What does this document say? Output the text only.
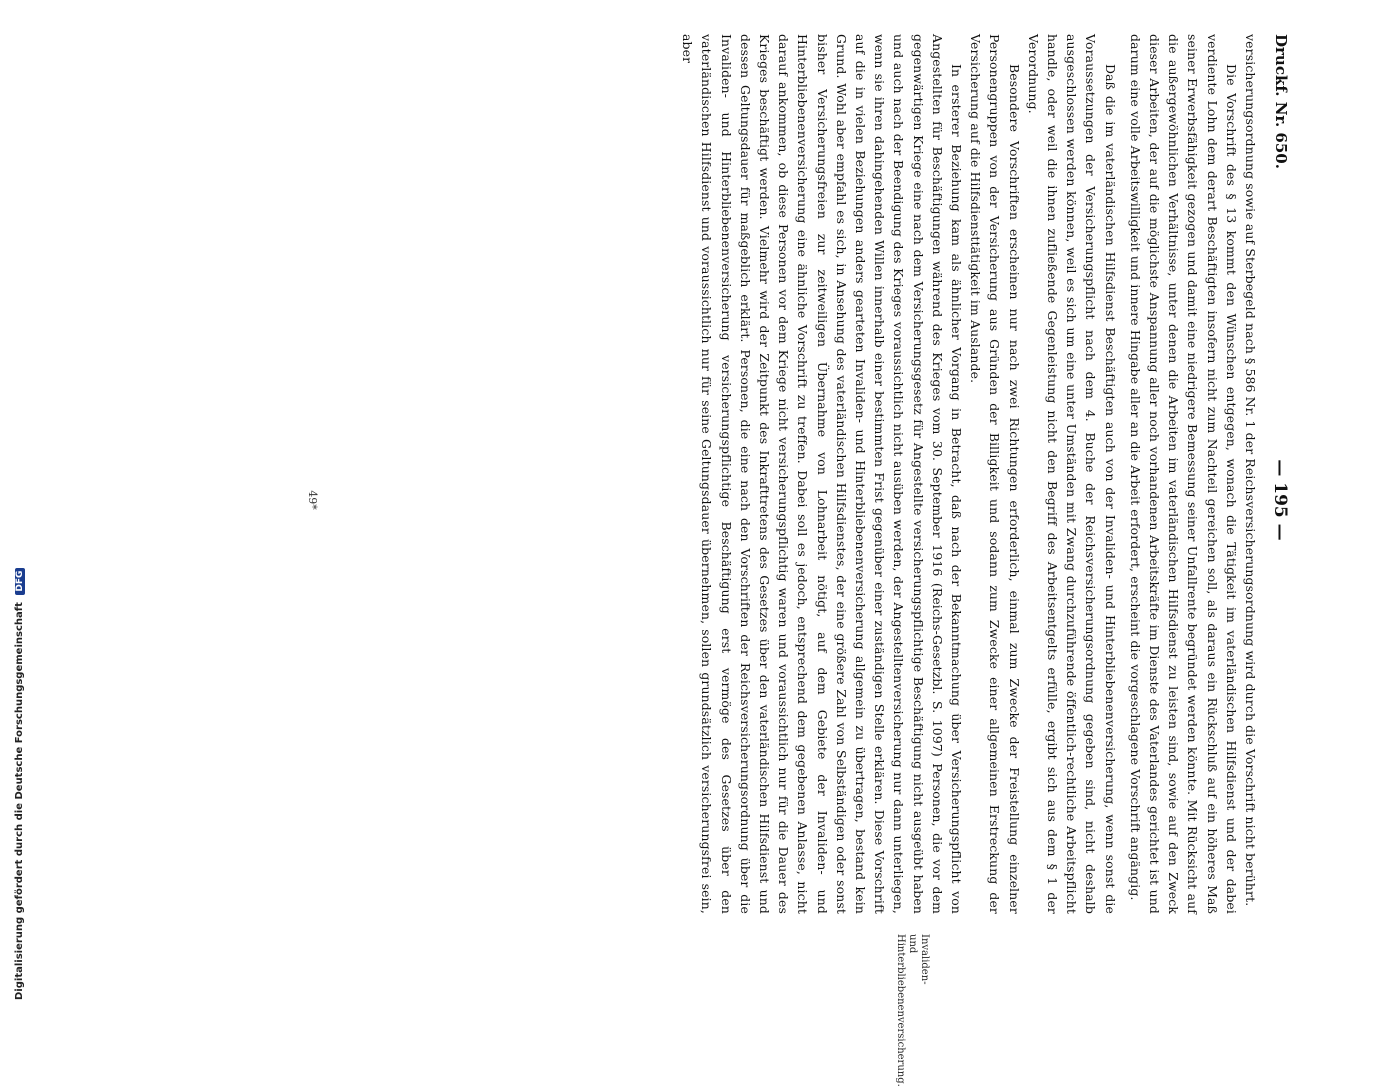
Druckf. Nr. 650.
— 195 —

versicherungsordnung sowie auf Sterbegeld nach § 586 Nr. 1 der Reichsversicherungsordnung wird durch die Vorschrift nicht berührt.

Die Vorschrift des § 13 kommt den Wünschen entgegen, wonach die Tätigkeit im vaterländischen Hilfsdienst und der dabei verdiente Lohn dem derart Beschäftigten insofern nicht zum Nachteil gereichen soll, als daraus ein Rückschluß auf ein höheres Maß seiner Erwerbsfähigkeit gezogen und damit eine niedrigere Bemessung seiner Unfallrente begründet werden könnte. Mit Rücksicht auf die außergewöhnlichen Verhältnisse, unter denen die Arbeiten im vaterländischen Hilfsdienst zu leisten sind, sowie auf den Zweck dieser Arbeiten, der auf die möglichste Anspannung aller noch vorhandenen Arbeitskräfte im Dienste des Vaterlandes gerichtet ist und darum eine volle Arbeitswilligkeit und innere Hingabe aller an die Arbeit erfordert, erscheint die vorgeschlagene Vorschrift angängig.

Daß die im vaterländischen Hilfsdienst Beschäftigten auch von der Invaliden- und Hinterbliebenenversicherung, wenn sonst die Voraussetzungen der Versicherungspflicht nach dem 4. Buche der Reichsversicherungsordnung gegeben sind, nicht deshalb ausgeschlossen werden können, weil es sich um eine unter Umständen mit Zwang durchzuführende öffentlich-rechtliche Arbeitspflicht handle, oder weil die ihnen zufließende Gegenleistung nicht den Begriff des Arbeitsentgelts erfülle, ergibt sich aus dem § 1 der Verordnung.

Besondere Vorschriften erscheinen nur nach zwei Richtungen erforderlich, einmal zum Zwecke der Freistellung einzelner Personengruppen von der Versicherung aus Gründen der Billigkeit und sodann zum Zwecke einer allgemeinen Erstreckung der Versicherung auf die Hilfsdiensttätigkeit im Auslande.

In ersterer Beziehung kam als ähnlicher Vorgang in Betracht, daß nach der Bekanntmachung über Versicherungspflicht von Angestellten für Beschäftigungen während des Krieges vom 30. September 1916 (Reichs-Gesetzbl. S. 1097) Personen, die vor dem gegenwärtigen Kriege eine nach dem Versicherungsgesetz für Angestellte versicherungspflichtige Beschäftigung nicht ausgeübt haben und auch nach der Beendigung des Krieges voraussichtlich nicht ausüben werden, der Angestelltenversicherung nur dann unterliegen, wenn sie ihren dahingehenden Willen innerhalb einer bestimmten Frist gegenüber einer zuständigen Stelle erklären. Diese Vorschrift auf die in vielen Beziehungen anders gearteten Invaliden- und Hinterbliebenenversicherung allgemein zu übertragen, bestand kein Grund. Wohl aber empfahl es sich, in Ansehung des vaterländischen Hilfsdienstes, der eine größere Zahl von Selbständigen oder sonst bisher Versicherungsfreien zur zeitweiligen Übernahme von Lohnarbeit nötigt, auf dem Gebiete der Invaliden- und Hinterbliebenenversicherung eine ähnliche Vorschrift zu treffen. Dabei soll es jedoch, entsprechend dem gegebenen Anlasse, nicht darauf ankommen, ob diese Personen vor dem Kriege nicht versicherungspflichtig waren und voraussichtlich nur für die Dauer des Krieges beschäftigt werden. Vielmehr wird der Zeitpunkt des Inkrafttretens des Gesetzes über den vaterländischen Hilfsdienst und dessen Geltungsdauer für maßgeblich erklärt. Personen, die eine nach den Vorschriften der Reichsversicherungsordnung über die Invaliden- und Hinterbliebenenversicherung versicherungspflichtige Beschäftigung erst vermöge des Gesetzes über den vaterländischen Hilfsdienst und voraussichtlich nur für seine Geltungsdauer übernehmen, sollen grundsätzlich versicherungsfrei sein, aber

Invaliden- und Hinterbliebenenversicherung.
49*
Digitalisierung gefördert durch die Deutsche Forschungsgemeinschaft DFG
